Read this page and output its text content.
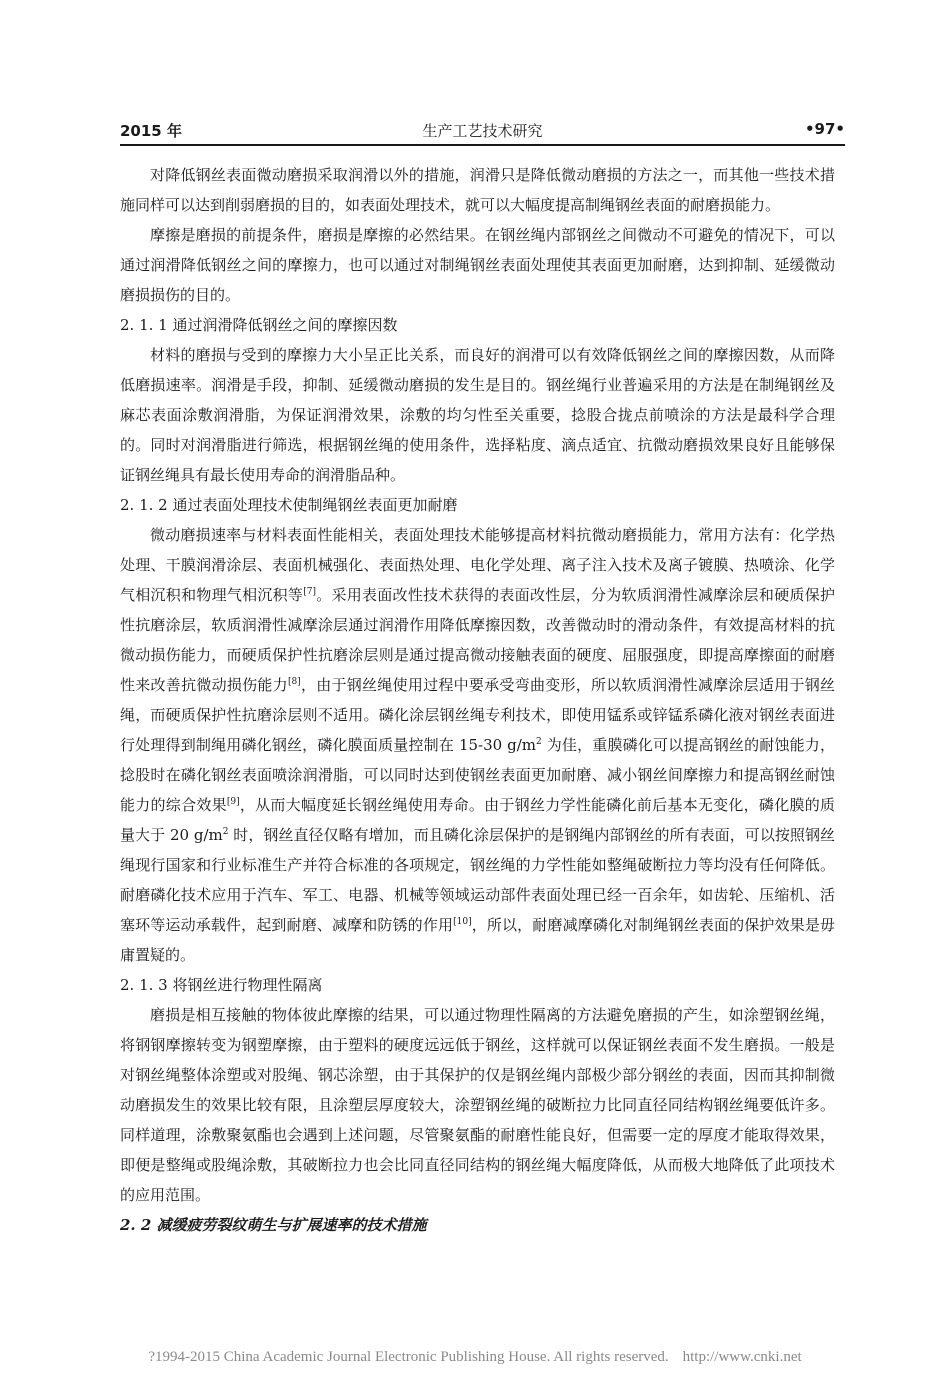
2015 年	生产工艺技术研究	•97•

对降低钢丝表面微动磨损采取润滑以外的措施，润滑只是降低微动磨损的方法之一，而其他一些技术措施同样可以达到削弱磨损的目的，如表面处理技术，就可以大幅度提高制绳钢丝表面的耐磨损能力。

摩擦是磨损的前提条件，磨损是摩擦的必然结果。在钢丝绳内部钢丝之间微动不可避免的情况下，可以通过润滑降低钢丝之间的摩擦力，也可以通过对制绳钢丝表面处理使其表面更加耐磨，达到抑制、延缓微动磨损损伤的目的。

2. 1. 1 通过润滑降低钢丝之间的摩擦因数

材料的磨损与受到的摩擦力大小呈正比关系，而良好的润滑可以有效降低钢丝之间的摩擦因数，从而降低磨损速率。润滑是手段，抑制、延缓微动磨损的发生是目的。钢丝绳行业普遍采用的方法是在制绳钢丝及麻芯表面涂敷润滑脂，为保证润滑效果，涂敷的均匀性至关重要，捻股合拢点前喷涂的方法是最科学合理的。同时对润滑脂进行筛选，根据钢丝绳的使用条件，选择粘度、滴点适宜、抗微动磨损效果良好且能够保证钢丝绳具有最长使用寿命的润滑脂品种。

2. 1. 2 通过表面处理技术使制绳钢丝表面更加耐磨

微动磨损速率与材料表面性能相关，表面处理技术能够提高材料抗微动磨损能力，常用方法有：化学热处理、干膜润滑涂层、表面机械强化、表面热处理、电化学处理、离子注入技术及离子镀膜、热喷涂、化学气相沉积和物理气相沉积等[7]。采用表面改性技术获得的表面改性层，分为软质润滑性减摩涂层和硬质保护性抗磨涂层，软质润滑性减摩涂层通过润滑作用降低摩擦因数，改善微动时的滑动条件，有效提高材料的抗微动损伤能力，而硬质保护性抗磨涂层则是通过提高微动接触表面的硬度、屈服强度，即提高摩擦面的耐磨性来改善抗微动损伤能力[8]，由于钢丝绳使用过程中要承受弯曲变形，所以软质润滑性减摩涂层适用于钢丝绳，而硬质保护性抗磨涂层则不适用。磷化涂层钢丝绳专利技术，即使用锰系或锌锰系磷化液对钢丝表面进行处理得到制绳用磷化钢丝，磷化膜面质量控制在 15-30 $g/m^2$ 为佳，重膜磷化可以提高钢丝的耐蚀能力，捻股时在磷化钢丝表面喷涂润滑脂，可以同时达到使钢丝表面更加耐磨、减小钢丝间摩擦力和提高钢丝耐蚀能力的综合效果[9]，从而大幅度延长钢丝绳使用寿命。由于钢丝力学性能磷化前后基本无变化，磷化膜的质量大于 20 $g/m^2$ 时，钢丝直径仅略有增加，而且磷化涂层保护的是钢绳内部钢丝的所有表面，可以按照钢丝绳现行国家和行业标准生产并符合标准的各项规定，钢丝绳的力学性能如整绳破断拉力等均没有任何降低。耐磨磷化技术应用于汽车、军工、电器、机械等领域运动部件表面处理已经一百余年，如齿轮、压缩机、活塞环等运动承载件，起到耐磨、减摩和防锈的作用[10]，所以，耐磨减摩磷化对制绳钢丝表面的保护效果是毋庸置疑的。

2. 1. 3 将钢丝进行物理性隔离

磨损是相互接触的物体彼此摩擦的结果，可以通过物理性隔离的方法避免磨损的产生，如涂塑钢丝绳，将钢钢摩擦转变为钢塑摩擦，由于塑料的硬度远远低于钢丝，这样就可以保证钢丝表面不发生磨损。一般是对钢丝绳整体涂塑或对股绳、钢芯涂塑，由于其保护的仅是钢丝绳内部极少部分钢丝的表面，因而其抑制微动磨损发生的效果比较有限，且涂塑层厚度较大，涂塑钢丝绳的破断拉力比同直径同结构钢丝绳要低许多。同样道理，涂敷聚氨酯也会遇到上述问题，尽管聚氨酯的耐磨性能良好，但需要一定的厚度才能取得效果，即便是整绳或股绳涂敷，其破断拉力也会比同直径同结构的钢丝绳大幅度降低，从而极大地降低了此项技术的应用范围。

2. 2 减缓疲劳裂纹萌生与扩展速率的技术措施

?1994-2015 China Academic Journal Electronic Publishing House. All rights reserved. http://www.cnki.net
